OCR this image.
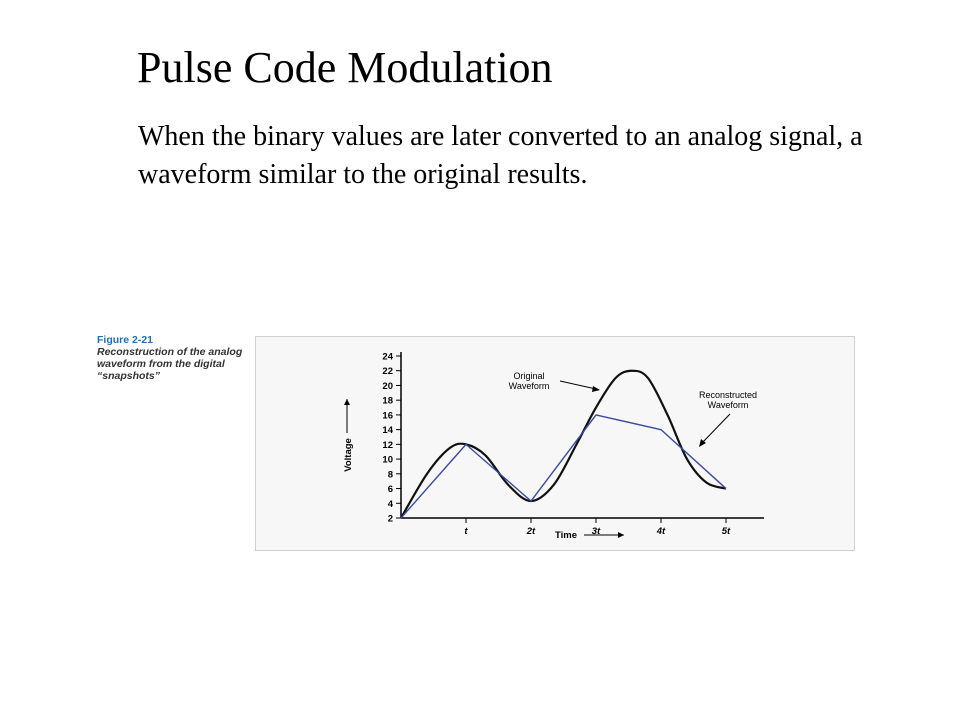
Pulse Code Modulation
When the binary values are later converted to an analog signal, a waveform similar to the original results.
Figure 2-21
Reconstruction of the analog waveform from the digital “snapshots”
2
4
6
8
10
12
14
16
18
20
22
24
t	2t	3t	4t	5t
Time
Voltage
Original
Waveform
Reconstructed
Waveform
